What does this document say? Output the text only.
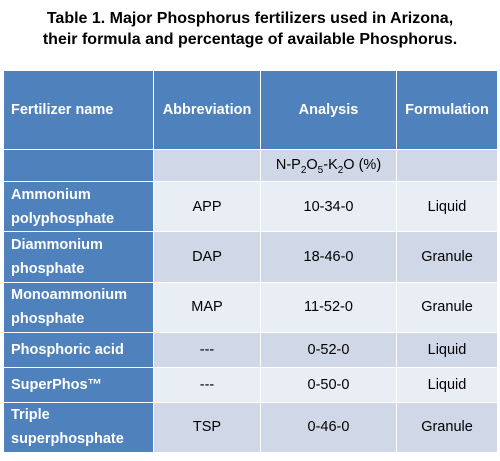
Table 1. Major Phosphorus fertilizers used in Arizona,
their formula and percentage of available Phosphorus.
Fertilizer name	Abbreviation	Analysis	Formulation
		$N-P_2O_5-K_2O$ (%)	
Ammonium polyphosphate	APP	10-34-0	Liquid
Diammonium phosphate	DAP	18-46-0	Granule
Monoammonium phosphate	MAP	11-52-0	Granule
Phosphoric acid	---	0-52-0	Liquid
SuperPhos™	---	0-50-0	Liquid
Triple superphosphate	TSP	0-46-0	Granule
